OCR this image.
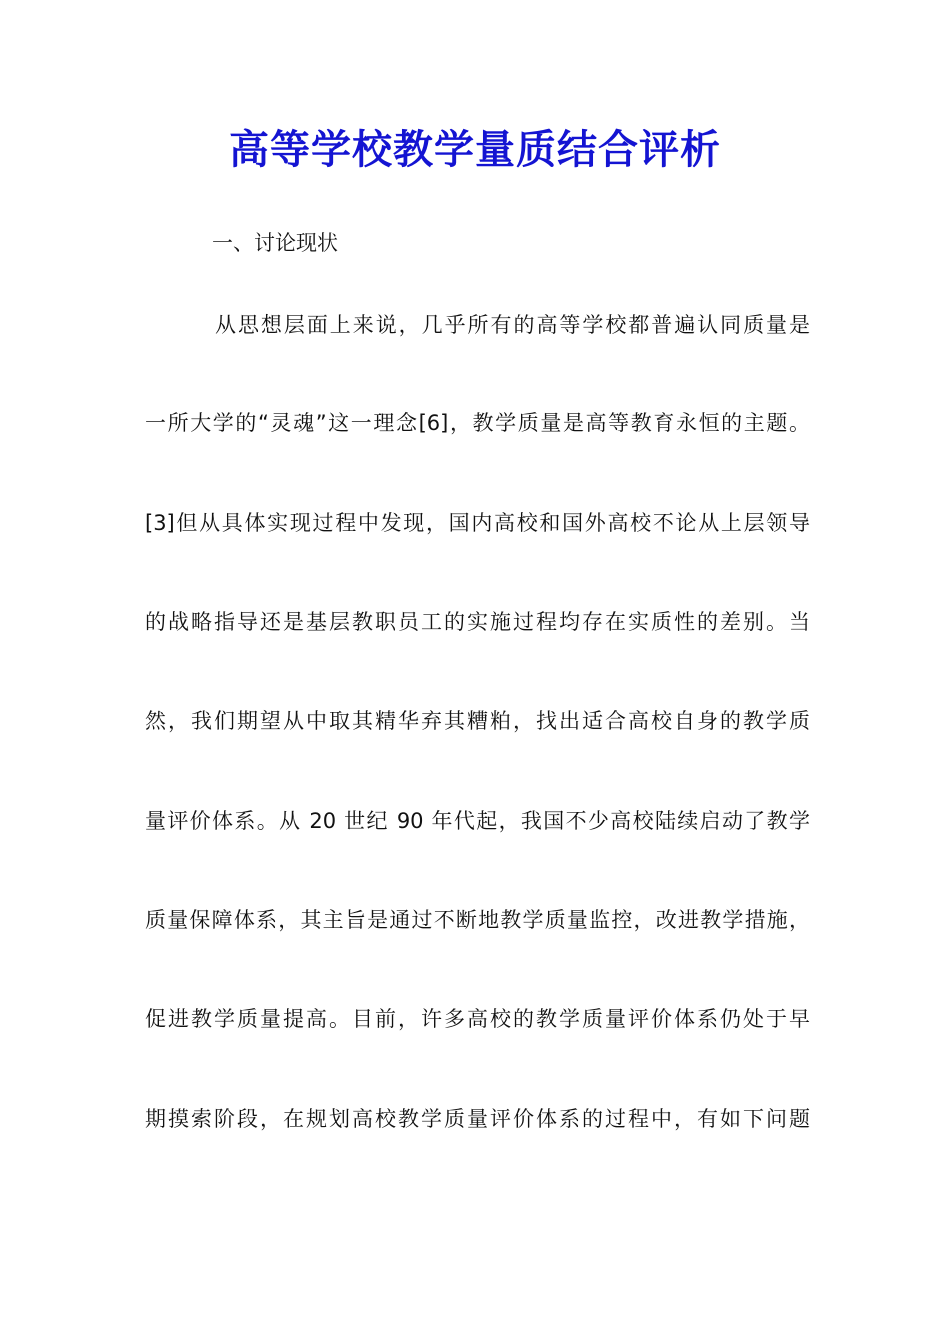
高等学校教学量质结合评析

一、讨论现状

从思想层面上来说，几乎所有的高等学校都普遍认同质量是

一所大学的“灵魂”这一理念[6]，教学质量是高等教育永恒的主题。

[3]但从具体实现过程中发现，国内高校和国外高校不论从上层领导

的战略指导还是基层教职员工的实施过程均存在实质性的差别。当

然，我们期望从中取其精华弃其糟粕，找出适合高校自身的教学质

量评价体系。从 20 世纪 90 年代起，我国不少高校陆续启动了教学

质量保障体系，其主旨是通过不断地教学质量监控，改进教学措施，

促进教学质量提高。目前，许多高校的教学质量评价体系仍处于早

期摸索阶段，在规划高校教学质量评价体系的过程中，有如下问题
